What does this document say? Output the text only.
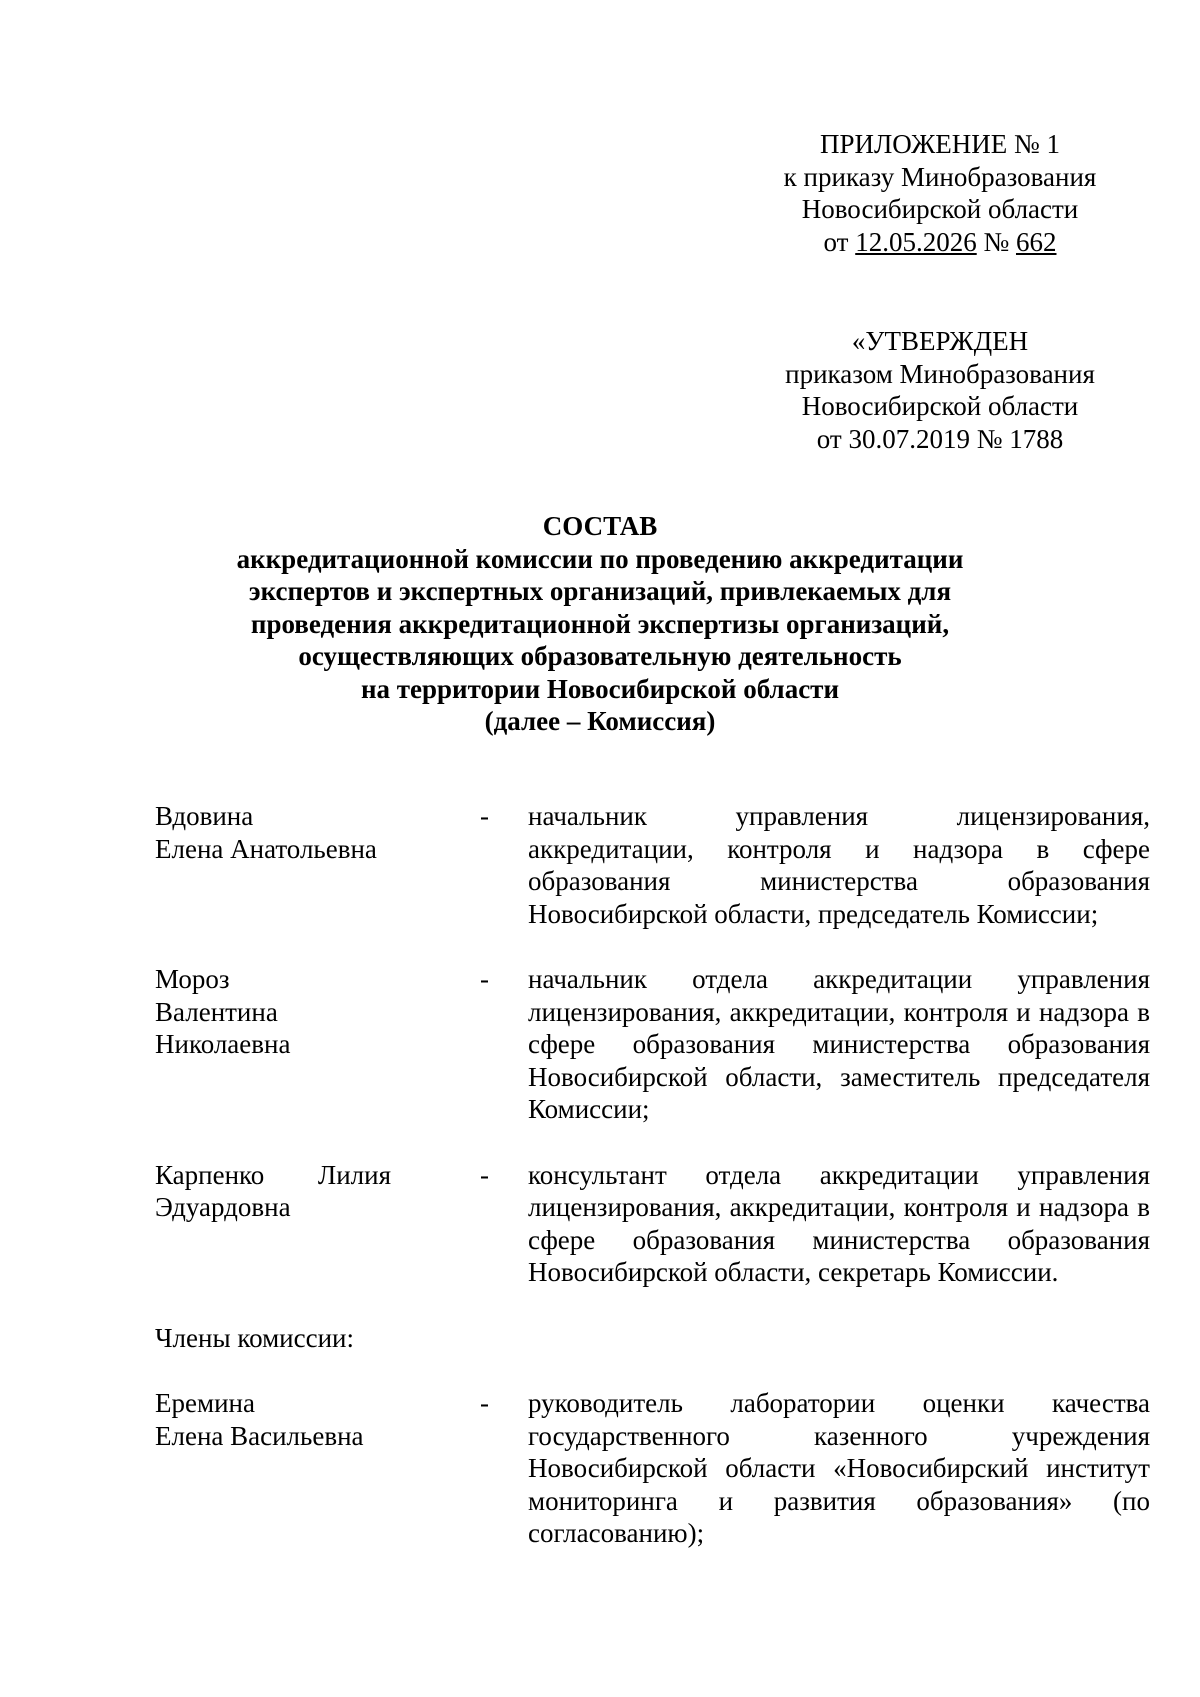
ПРИЛОЖЕНИЕ № 1
к приказу Минобразования
Новосибирской области
от 12.05.2026 № 662
«УТВЕРЖДЕН
приказом Минобразования
Новосибирской области
от 30.07.2019 № 1788
СОСТАВ
аккредитационной комиссии по проведению аккредитации
экспертов и экспертных организаций, привлекаемых для
проведения аккредитационной экспертизы организаций,
осуществляющих образовательную деятельность
на территории Новосибирской области
(далее – Комиссия)
Вдовина
Елена Анатольевна
-	начальник управления лицензирования, аккредитации, контроля и надзора в сфере образования министерства образования Новосибирской области, председатель Комиссии;
Мороз
Валентина
Николаевна
-	начальник отдела аккредитации управления лицензирования, аккредитации, контроля и надзора в сфере образования министерства образования Новосибирской области, заместитель председателя Комиссии;
Карпенко Лилия Эдуардовна
-	консультант отдела аккредитации управления лицензирования, аккредитации, контроля и надзора в сфере образования министерства образования Новосибирской области, секретарь Комиссии.
Члены комиссии:
Еремина
Елена Васильевна
-	руководитель лаборатории оценки качества государственного казенного учреждения Новосибирской области «Новосибирский институт мониторинга и развития образования» (по согласованию);
